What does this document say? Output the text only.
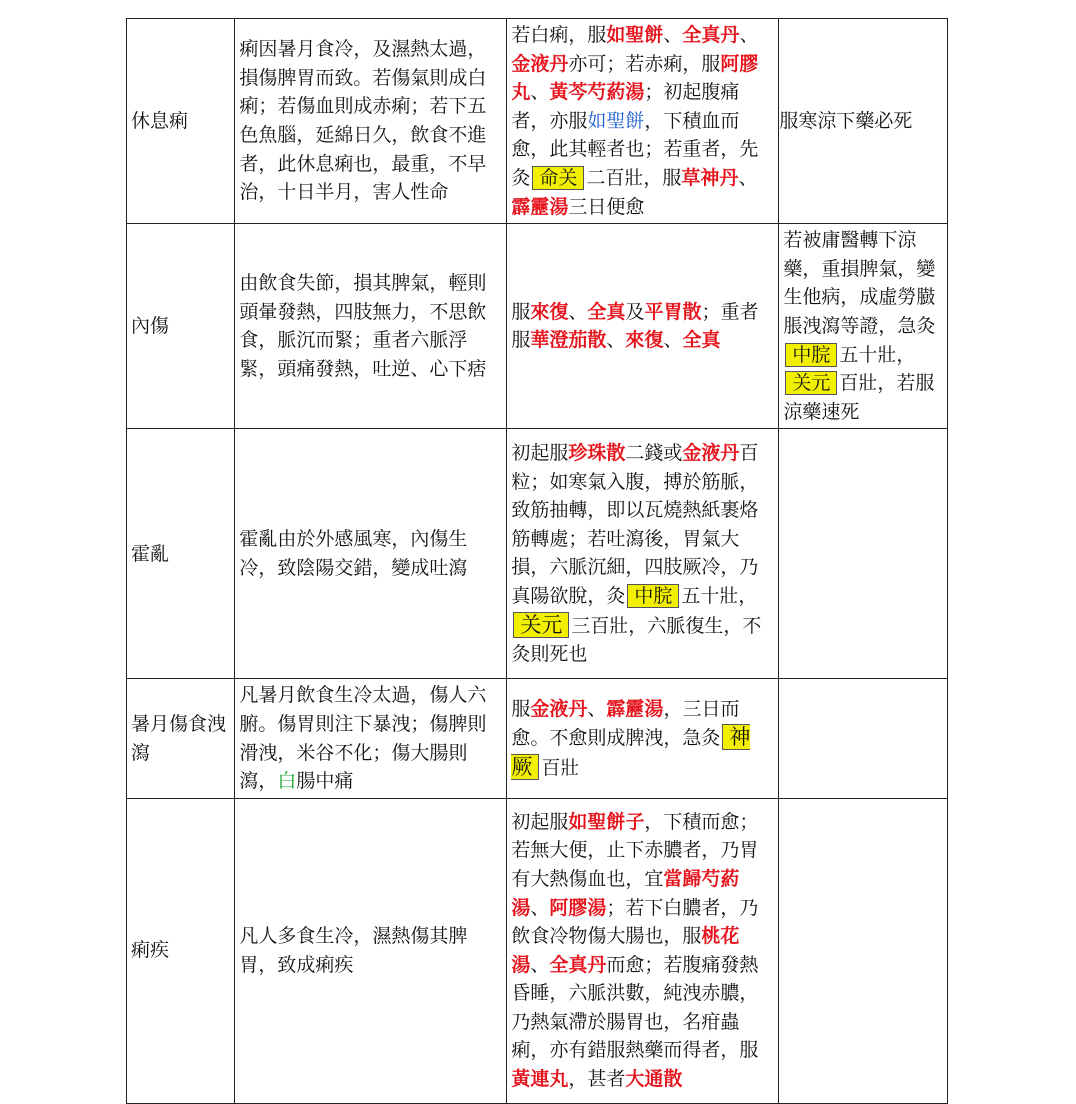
休息痢	痢因暑月食冷，及濕熱太過，損傷脾胃而致。若傷氣則成白痢；若傷血則成赤痢；若下五色魚腦，延綿日久，飲食不進者，此休息痢也，最重，不早治，十日半月，害人性命	若白痢，服如聖餅、全真丹、金液丹亦可；若赤痢，服阿膠丸、黃芩芍葯湯；初起腹痛者，亦服如聖餅，下積血而愈，此其輕者也；若重者，先灸 命关 二百壯，服草神丹、霹靂湯三日便愈	服寒涼下藥必死
內傷	由飲食失節，損其脾氣，輕則頭暈發熱，四肢無力，不思飲食，脈沉而緊；重者六脈浮緊，頭痛發熱，吐逆、心下痞	服來復、全真及平胃散；重者服華澄茄散、來復、全真	若被庸醫轉下涼藥，重損脾氣，變生他病，成虛勞臌脹洩瀉等證，急灸中脘 五十壯，关元 百壯，若服涼藥速死
霍亂	霍亂由於外感風寒，內傷生冷，致陰陽交錯，變成吐瀉	初起服珍珠散二錢或金液丹百粒；如寒氣入腹，搏於筋脈，致筋抽轉，即以瓦燒熱紙裹烙筋轉處；若吐瀉後，胃氣大損，六脈沉細，四肢厥冷，乃真陽欲脫，灸 中脘 五十壯，关元 三百壯，六脈復生，不灸則死也	
暑月傷食洩瀉	凡暑月飲食生冷太過，傷人六腑。傷胃則注下暴洩；傷脾則滑洩，米谷不化；傷大腸則瀉，白腸中痛	服金液丹、霹靂湯，三日而愈。不愈則成脾洩，急灸 神厥 百壯	
痢疾	凡人多食生冷，濕熱傷其脾胃，致成痢疾	初起服如聖餅子，下積而愈；若無大便，止下赤膿者，乃胃有大熱傷血也，宜當歸芍葯湯、阿膠湯；若下白膿者，乃飲食冷物傷大腸也，服桃花湯、全真丹而愈；若腹痛發熱昏睡，六脈洪數，純洩赤膿，乃熱氣滯於腸胃也，名疳蟲痢，亦有錯服熱藥而得者，服黃連丸，甚者大通散	
